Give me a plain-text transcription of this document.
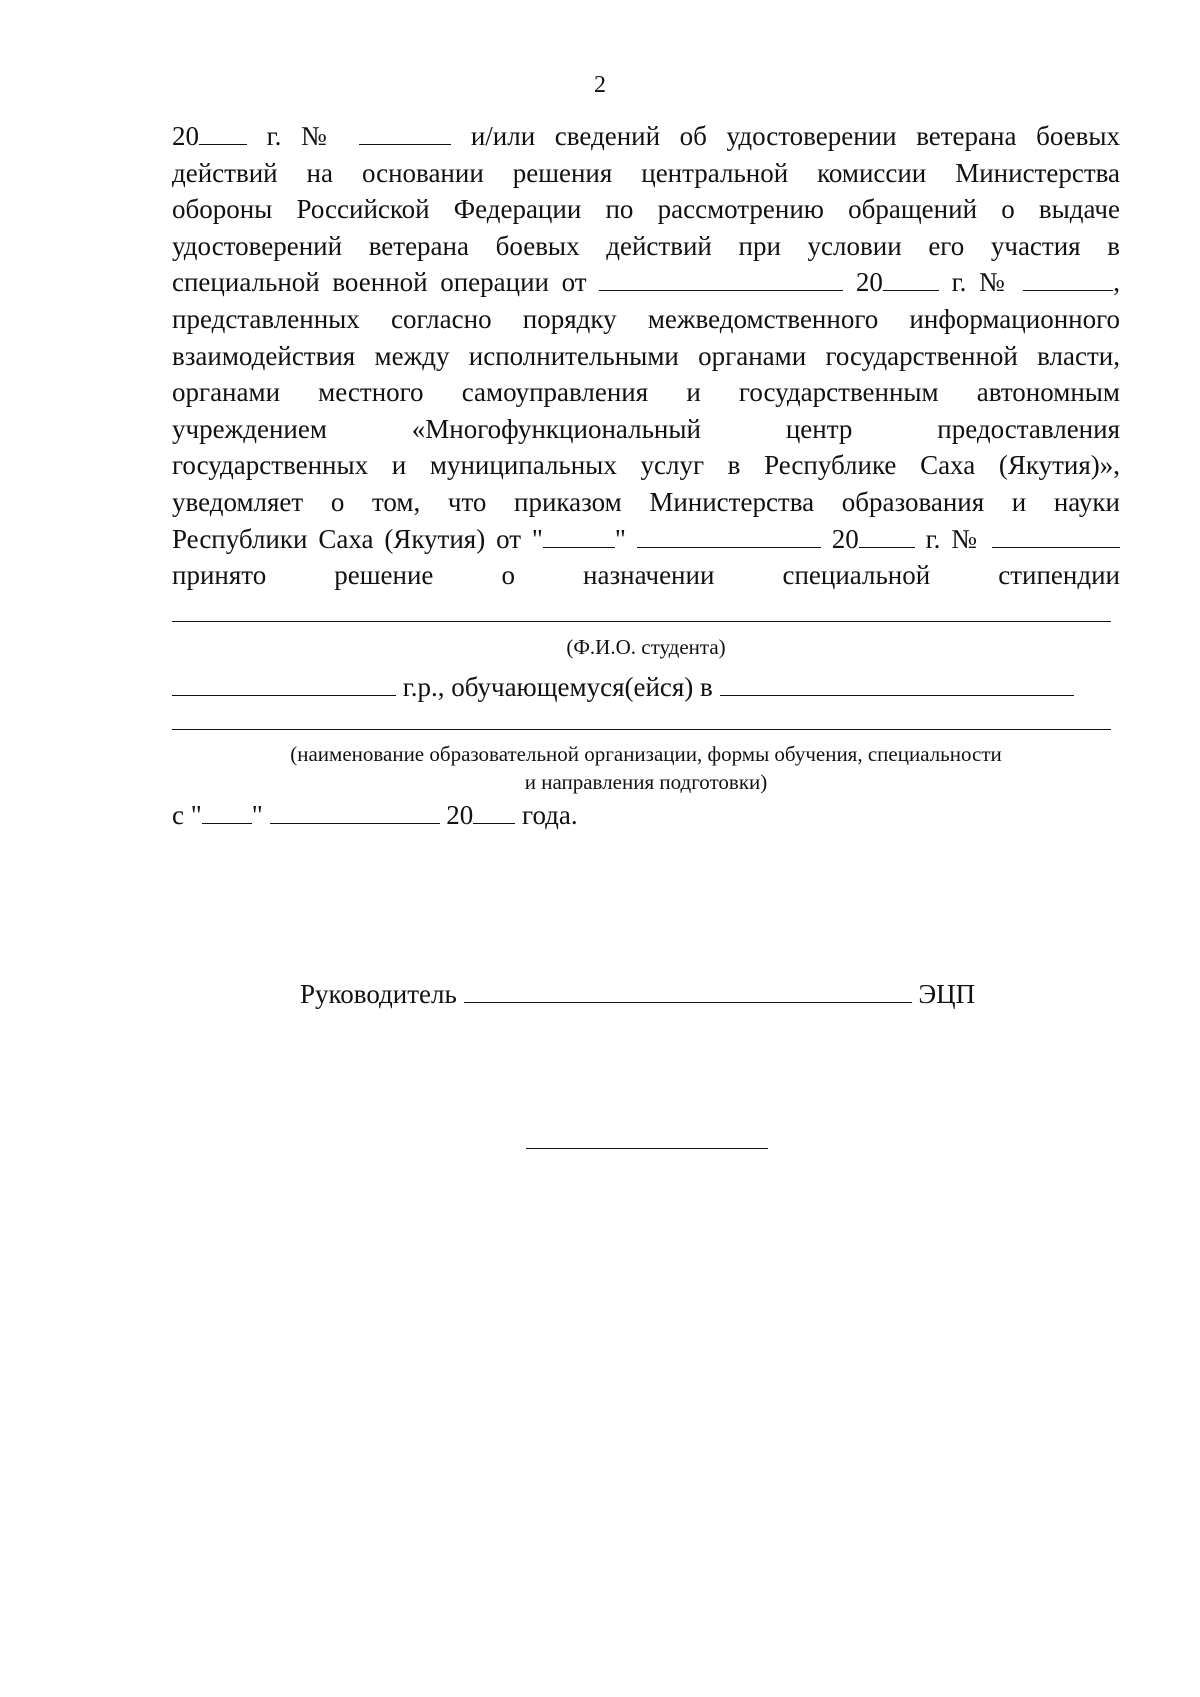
2
20	г. №	и/или сведений об удостоверении ветерана боевых
действий на основании решения центральной комиссии Министерства
обороны Российской Федерации по рассмотрению обращений о выдаче
удостоверений ветерана боевых действий при условии его участия в
специальной военной операции от	20	г. №	,
представленных согласно порядку межведомственного информационного
взаимодействия между исполнительными органами государственной власти,
органами местного самоуправления и государственным автономным
учреждением «Многофункциональный центр предоставления
государственных и муниципальных услуг в Республике Саха (Якутия)»,
уведомляет о том, что приказом Министерства образования и науки
Республики Саха (Якутия) от "	"	20 г. №
принято решение о назначении специальной стипендии
(Ф.И.О. студента)
г.р., обучающемуся(ейся) в
(наименование образовательной организации, формы обучения, специальности
и направления подготовки)
с " "	20 года.
Руководитель	ЭЦП
